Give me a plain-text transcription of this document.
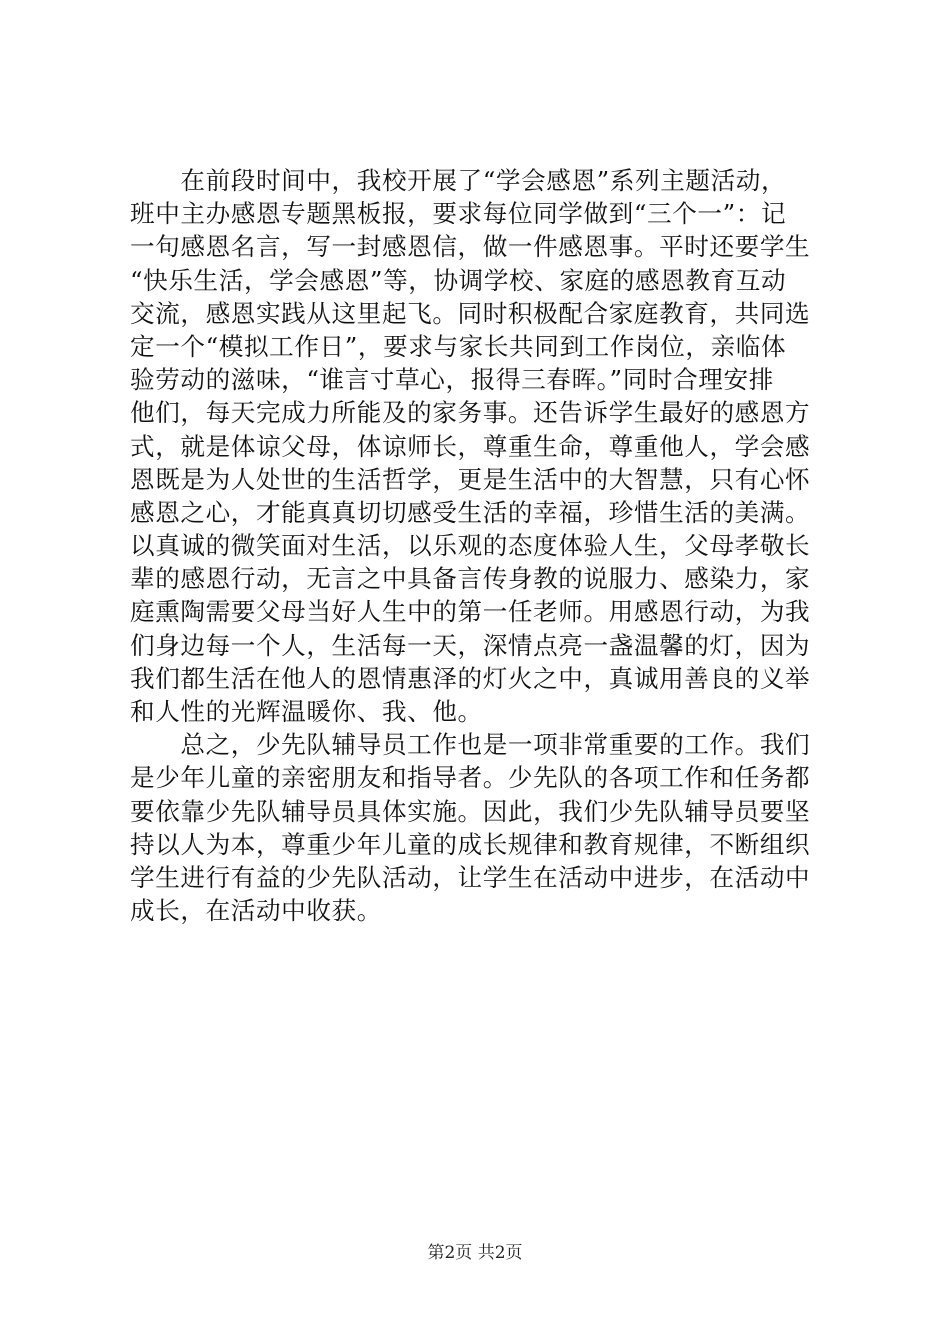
　　在前段时间中，我校开展了“学会感恩”系列主题活动，
班中主办感恩专题黑板报，要求每位同学做到“三个一”：记
一句感恩名言，写一封感恩信，做一件感恩事。平时还要学生
“快乐生活，学会感恩”等，协调学校、家庭的感恩教育互动
交流，感恩实践从这里起飞。同时积极配合家庭教育，共同选
定一个“模拟工作日”，要求与家长共同到工作岗位，亲临体
验劳动的滋味，“谁言寸草心，报得三春晖。”同时合理安排
他们，每天完成力所能及的家务事。还告诉学生最好的感恩方
式，就是体谅父母，体谅师长，尊重生命，尊重他人，学会感
恩既是为人处世的生活哲学，更是生活中的大智慧，只有心怀
感恩之心，才能真真切切感受生活的幸福，珍惜生活的美满。
以真诚的微笑面对生活，以乐观的态度体验人生，父母孝敬长
辈的感恩行动，无言之中具备言传身教的说服力、感染力，家
庭熏陶需要父母当好人生中的第一任老师。用感恩行动，为我
们身边每一个人，生活每一天，深情点亮一盏温馨的灯，因为
我们都生活在他人的恩情惠泽的灯火之中，真诚用善良的义举
和人性的光辉温暖你、我、他。
　　总之，少先队辅导员工作也是一项非常重要的工作。我们
是少年儿童的亲密朋友和指导者。少先队的各项工作和任务都
要依靠少先队辅导员具体实施。因此，我们少先队辅导员要坚
持以人为本，尊重少年儿童的成长规律和教育规律，不断组织
学生进行有益的少先队活动，让学生在活动中进步，在活动中
成长，在活动中收获。
第2页 共2页
